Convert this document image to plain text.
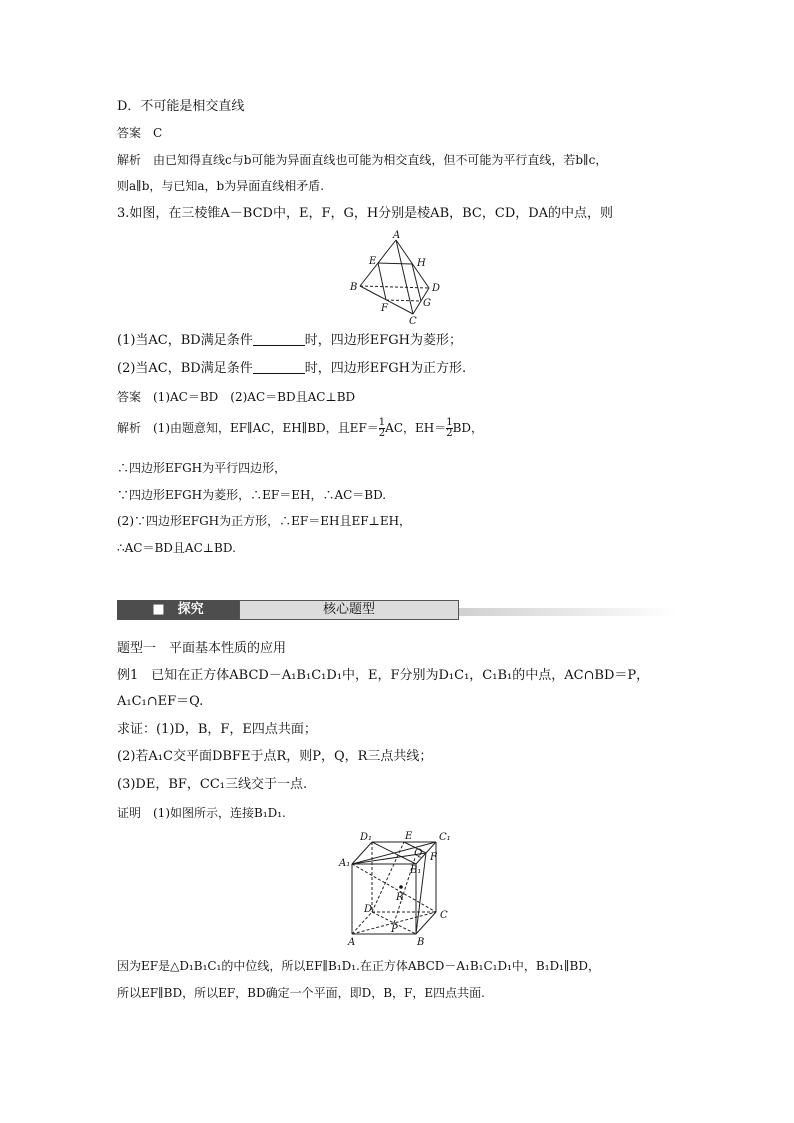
D．不可能是相交直线
答案　C
解析　由已知得直线c与b可能为异面直线也可能为相交直线，但不可能为平行直线，若b∥c，
则a∥b，与已知a，b为异面直线相矛盾.
3.如图，在三棱锥A－BCD中，E，F，G，H分别是棱AB，BC，CD，DA的中点，则
A
E	H
B	D
F	G
C
(1)当AC，BD满足条件	时，四边形EFGH为菱形；
(2)当AC，BD满足条件	时，四边形EFGH为正方形.
答案　(1)AC＝BD　(2)AC＝BD且AC⊥BD
解析　(1)由题意知，EF∥AC，EH∥BD，且$EF= \frac{1}{2}$ AC，$EH= \frac{1}{2}$ BD，
∴四边形EFGH为平行四边形，
∵四边形EFGH为菱形，∴EF＝EH，∴AC＝BD.
(2)∵四边形EFGH为正方形，∴EF＝EH且EF⊥EH，
∴AC＝BD且AC⊥BD.
■　探究	核心题型
题型一　平面基本性质的应用
例1　已知在正方体ABCD－A₁B₁C₁D₁中，E，F分别为D₁C₁，C₁B₁的中点，AC∩BD＝P，
A₁C₁∩EF＝Q.
求证：(1)D，B，F，E四点共面；
(2)若A₁C交平面DBFE于点R，则P，Q，R三点共线；
(3)DE，BF，CC₁三线交于一点.
证明　(1)如图所示，连接B₁D₁.
D₁	E	C₁
A₁
Q F
B₁
R
D
C
A
P
B
因为EF是△D₁B₁C₁的中位线，所以EF∥B₁D₁.在正方体ABCD－A₁B₁C₁D₁中，B₁D₁∥BD，
所以EF∥BD，所以EF，BD确定一个平面，即D，B，F，E四点共面.
